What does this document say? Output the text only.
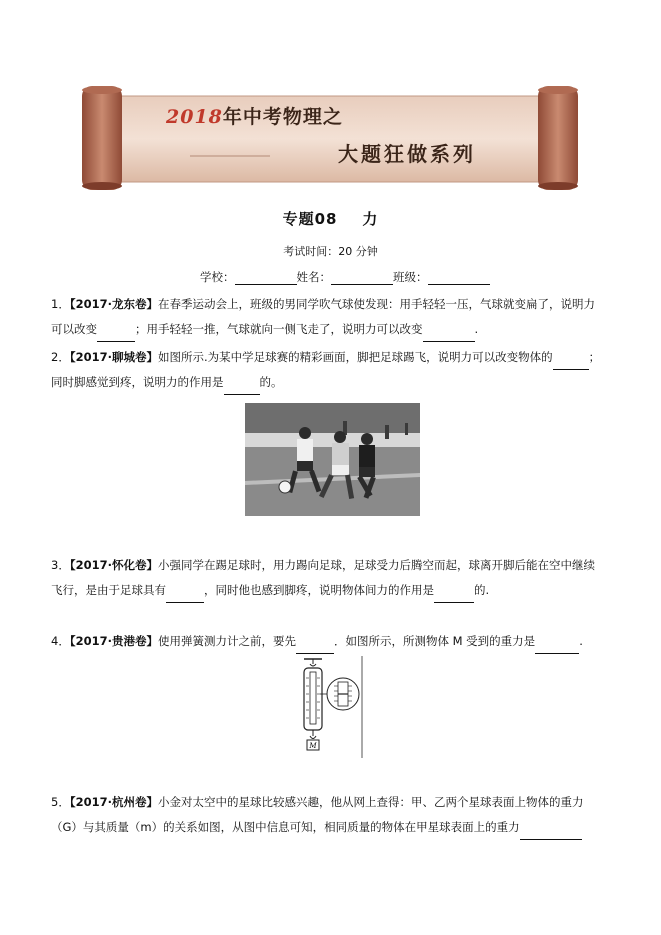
2018年中考物理之
大题狂做系列
专题08    力
考试时间：20 分钟
学校：	姓名：	班级：
1．【2017·龙东卷】在春季运动会上，班级的男同学吹气球使发现：用手轻轻一压，气球就变扁了，说明力
可以改变	；用手轻轻一推，气球就向一侧飞走了，说明力可以改变	.
2．【2017·聊城卷】如图所示.为某中学足球赛的精彩画面，脚把足球踢飞，说明力可以改变物体的	；
同时脚感觉到疼，说明力的作用是	的。
3．【2017·怀化卷】小强同学在踢足球时，用力踢向足球，足球受力后腾空而起，球离开脚后能在空中继续
飞行，是由于足球具有	，同时他也感到脚疼，说明物体间力的作用是	的.
4．【2017·贵港卷】使用弹簧测力计之前，要先	．如图所示，所测物体 M 受到的重力是	.
M
5．【2017·杭州卷】小金对太空中的星球比较感兴趣，他从网上查得：甲、乙两个星球表面上物体的重力
（G）与其质量（m）的关系如图，从图中信息可知，相同质量的物体在甲星球表面上的重力
